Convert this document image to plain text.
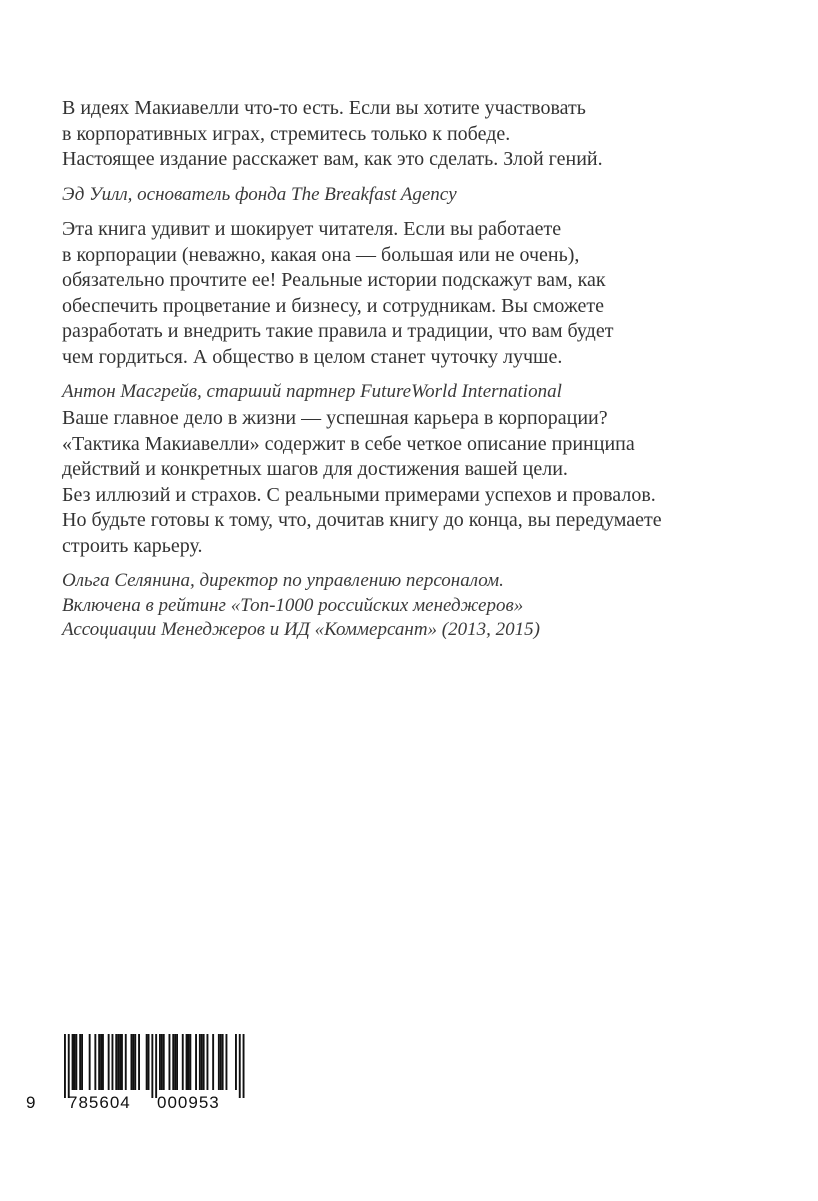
В идеях Макиавелли что-то есть. Если вы хотите участвовать

в корпоративных играх, стремитесь только к победе.

Настоящее издание расскажет вам, как это сделать. Злой гений.

Эд Уилл, основатель фонда The Breakfast Agency

Эта книга удивит и шокирует читателя. Если вы работаете

в корпорации (неважно, какая она — большая или не очень),

обязательно прочтите ее! Реальные истории подскажут вам, как

обеспечить процветание и бизнесу, и сотрудникам. Вы сможете

разработать и внедрить такие правила и традиции, что вам будет

чем гордиться. А общество в целом станет чуточку лучше.

Антон Масгрейв, старший партнер FutureWorld International

Ваше главное дело в жизни — успешная карьера в корпорации?

«Тактика Макиавелли» содержит в себе четкое описание принципа

действий и конкретных шагов для достижения вашей цели.

Без иллюзий и страхов. С реальными примерами успехов и провалов.

Но будьте готовы к тому, что, дочитав книгу до конца, вы передумаете

строить карьеру.

Ольга Селянина, директор по управлению персоналом.

Включена в рейтинг «Топ-1000 российских менеджеров»

Ассоциации Менеджеров и ИД «Коммерсант» (2013, 2015)

9 785604 000953
